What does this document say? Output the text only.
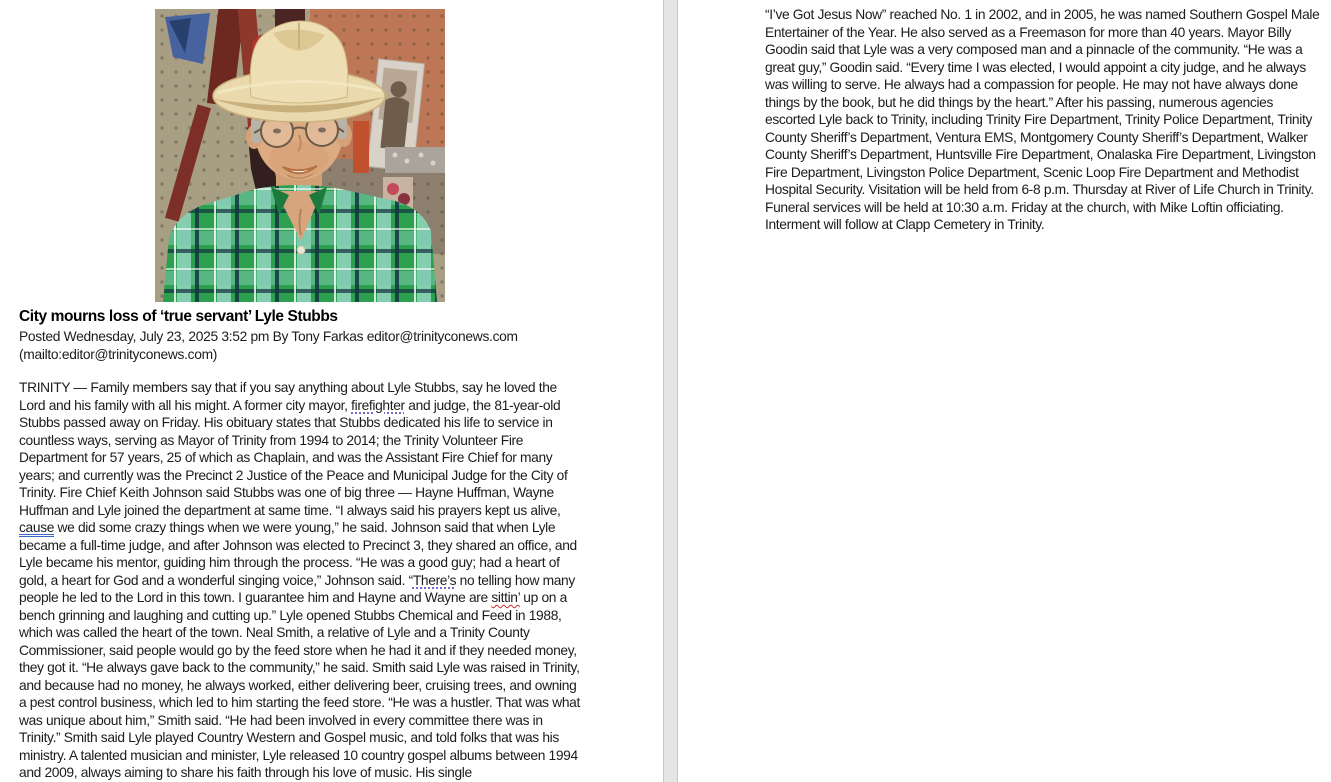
City mourns loss of ‘true servant’ Lyle Stubbs

Posted Wednesday, July 23, 2025 3:52 pm By Tony Farkas editor@trinityconews.com (mailto:editor@trinityconews.com)

TRINITY — Family members say that if you say anything about Lyle Stubbs, say he loved the Lord and his family with all his might. A former city mayor, firefighter and judge, the 81-year-old Stubbs passed away on Friday. His obituary states that Stubbs dedicated his life to service in countless ways, serving as Mayor of Trinity from 1994 to 2014; the Trinity Volunteer Fire Department for 57 years, 25 of which as Chaplain, and was the Assistant Fire Chief for many years; and currently was the Precinct 2 Justice of the Peace and Municipal Judge for the City of Trinity. Fire Chief Keith Johnson said Stubbs was one of big three — Hayne Huffman, Wayne Huffman and Lyle joined the department at same time. “I always said his prayers kept us alive, cause we did some crazy things when we were young,” he said. Johnson said that when Lyle became a full-time judge, and after Johnson was elected to Precinct 3, they shared an office, and Lyle became his mentor, guiding him through the process. “He was a good guy; had a heart of gold, a heart for God and a wonderful singing voice,” Johnson said. “There’s no telling how many people he led to the Lord in this town. I guarantee him and Hayne and Wayne are sittin’ up on a bench grinning and laughing and cutting up.” Lyle opened Stubbs Chemical and Feed in 1988, which was called the heart of the town. Neal Smith, a relative of Lyle and a Trinity County Commissioner, said people would go by the feed store when he had it and if they needed money, they got it. “He always gave back to the community,” he said. Smith said Lyle was raised in Trinity, and because had no money, he always worked, either delivering beer, cruising trees, and owning a pest control business, which led to him starting the feed store. “He was a hustler. That was what was unique about him,” Smith said. “He had been involved in every committee there was in Trinity.” Smith said Lyle played Country Western and Gospel music, and told folks that was his ministry. A talented musician and minister, Lyle released 10 country gospel albums between 1994 and 2009, always aiming to share his faith through his love of music. His single

“I’ve Got Jesus Now” reached No. 1 in 2002, and in 2005, he was named Southern Gospel Male Entertainer of the Year. He also served as a Freemason for more than 40 years. Mayor Billy Goodin said that Lyle was a very composed man and a pinnacle of the community. “He was a great guy,” Goodin said. “Every time I was elected, I would appoint a city judge, and he always was willing to serve. He always had a compassion for people. He may not have always done things by the book, but he did things by the heart.” After his passing, numerous agencies escorted Lyle back to Trinity, including Trinity Fire Department, Trinity Police Department, Trinity County Sheriff’s Department, Ventura EMS, Montgomery County Sheriff’s Department, Walker County Sheriff’s Department, Huntsville Fire Department, Onalaska Fire Department, Livingston Fire Department, Livingston Police Department, Scenic Loop Fire Department and Methodist Hospital Security. Visitation will be held from 6-8 p.m. Thursday at River of Life Church in Trinity. Funeral services will be held at 10:30 a.m. Friday at the church, with Mike Loftin officiating. Interment will follow at Clapp Cemetery in Trinity.
